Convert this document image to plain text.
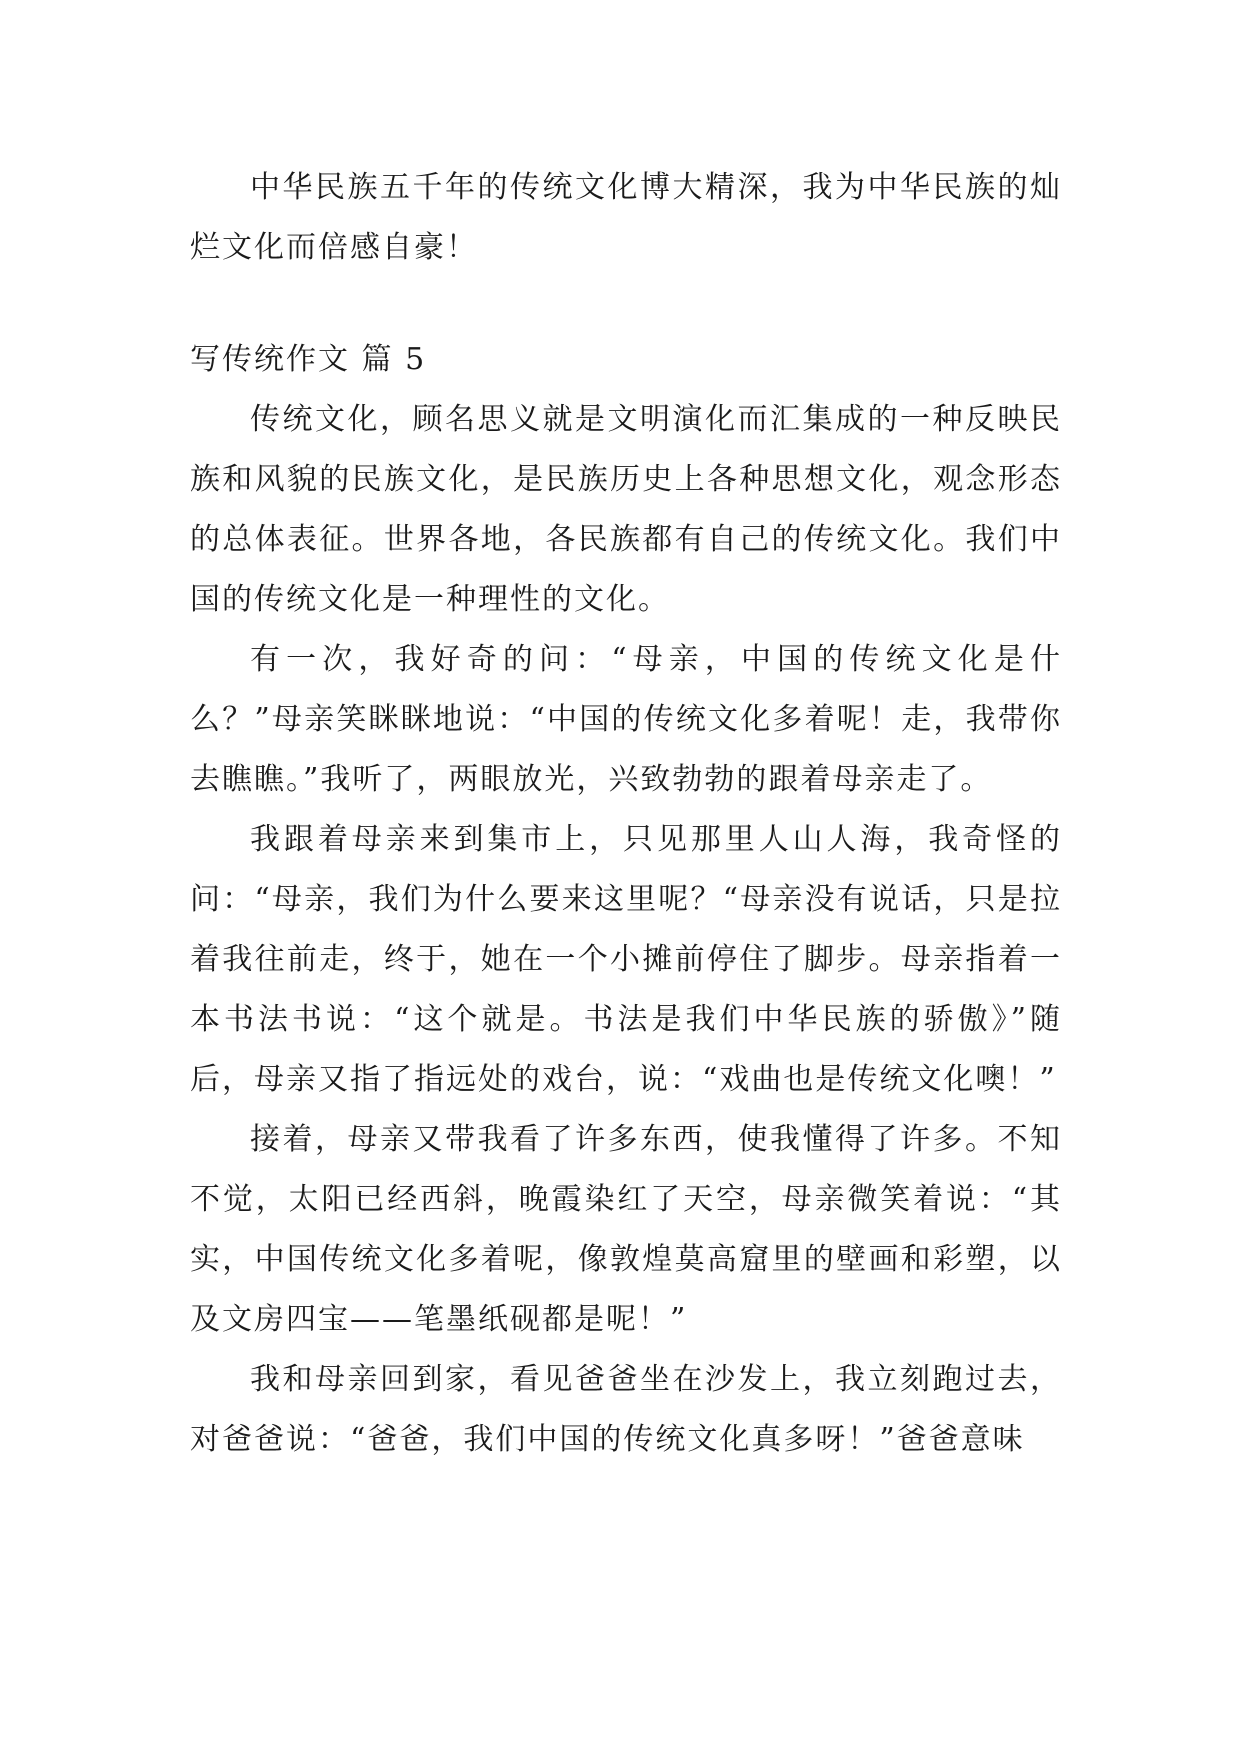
中华民族五千年的传统文化博大精深，我为中华民族的灿烂文化而倍感自豪！

写传统作文 篇 5

传统文化，顾名思义就是文明演化而汇集成的一种反映民族和风貌的民族文化，是民族历史上各种思想文化，观念形态的总体表征。世界各地，各民族都有自己的传统文化。我们中国的传统文化是一种理性的文化。

有一次，我好奇的问：“母亲，中国的传统文化是什么？”母亲笑眯眯地说：“中国的传统文化多着呢！走，我带你去瞧瞧。”我听了，两眼放光，兴致勃勃的跟着母亲走了。

我跟着母亲来到集市上，只见那里人山人海，我奇怪的问：“母亲，我们为什么要来这里呢？“母亲没有说话，只是拉着我往前走，终于，她在一个小摊前停住了脚步。母亲指着一本书法书说：“这个就是。书法是我们中华民族的骄傲》”随后，母亲又指了指远处的戏台，说：“戏曲也是传统文化噢！”

接着，母亲又带我看了许多东西，使我懂得了许多。不知不觉，太阳已经西斜，晚霞染红了天空，母亲微笑着说：“其实，中国传统文化多着呢，像敦煌莫高窟里的壁画和彩塑，以及文房四宝——笔墨纸砚都是呢！”

我和母亲回到家，看见爸爸坐在沙发上，我立刻跑过去，对爸爸说：“爸爸，我们中国的传统文化真多呀！”爸爸意味
